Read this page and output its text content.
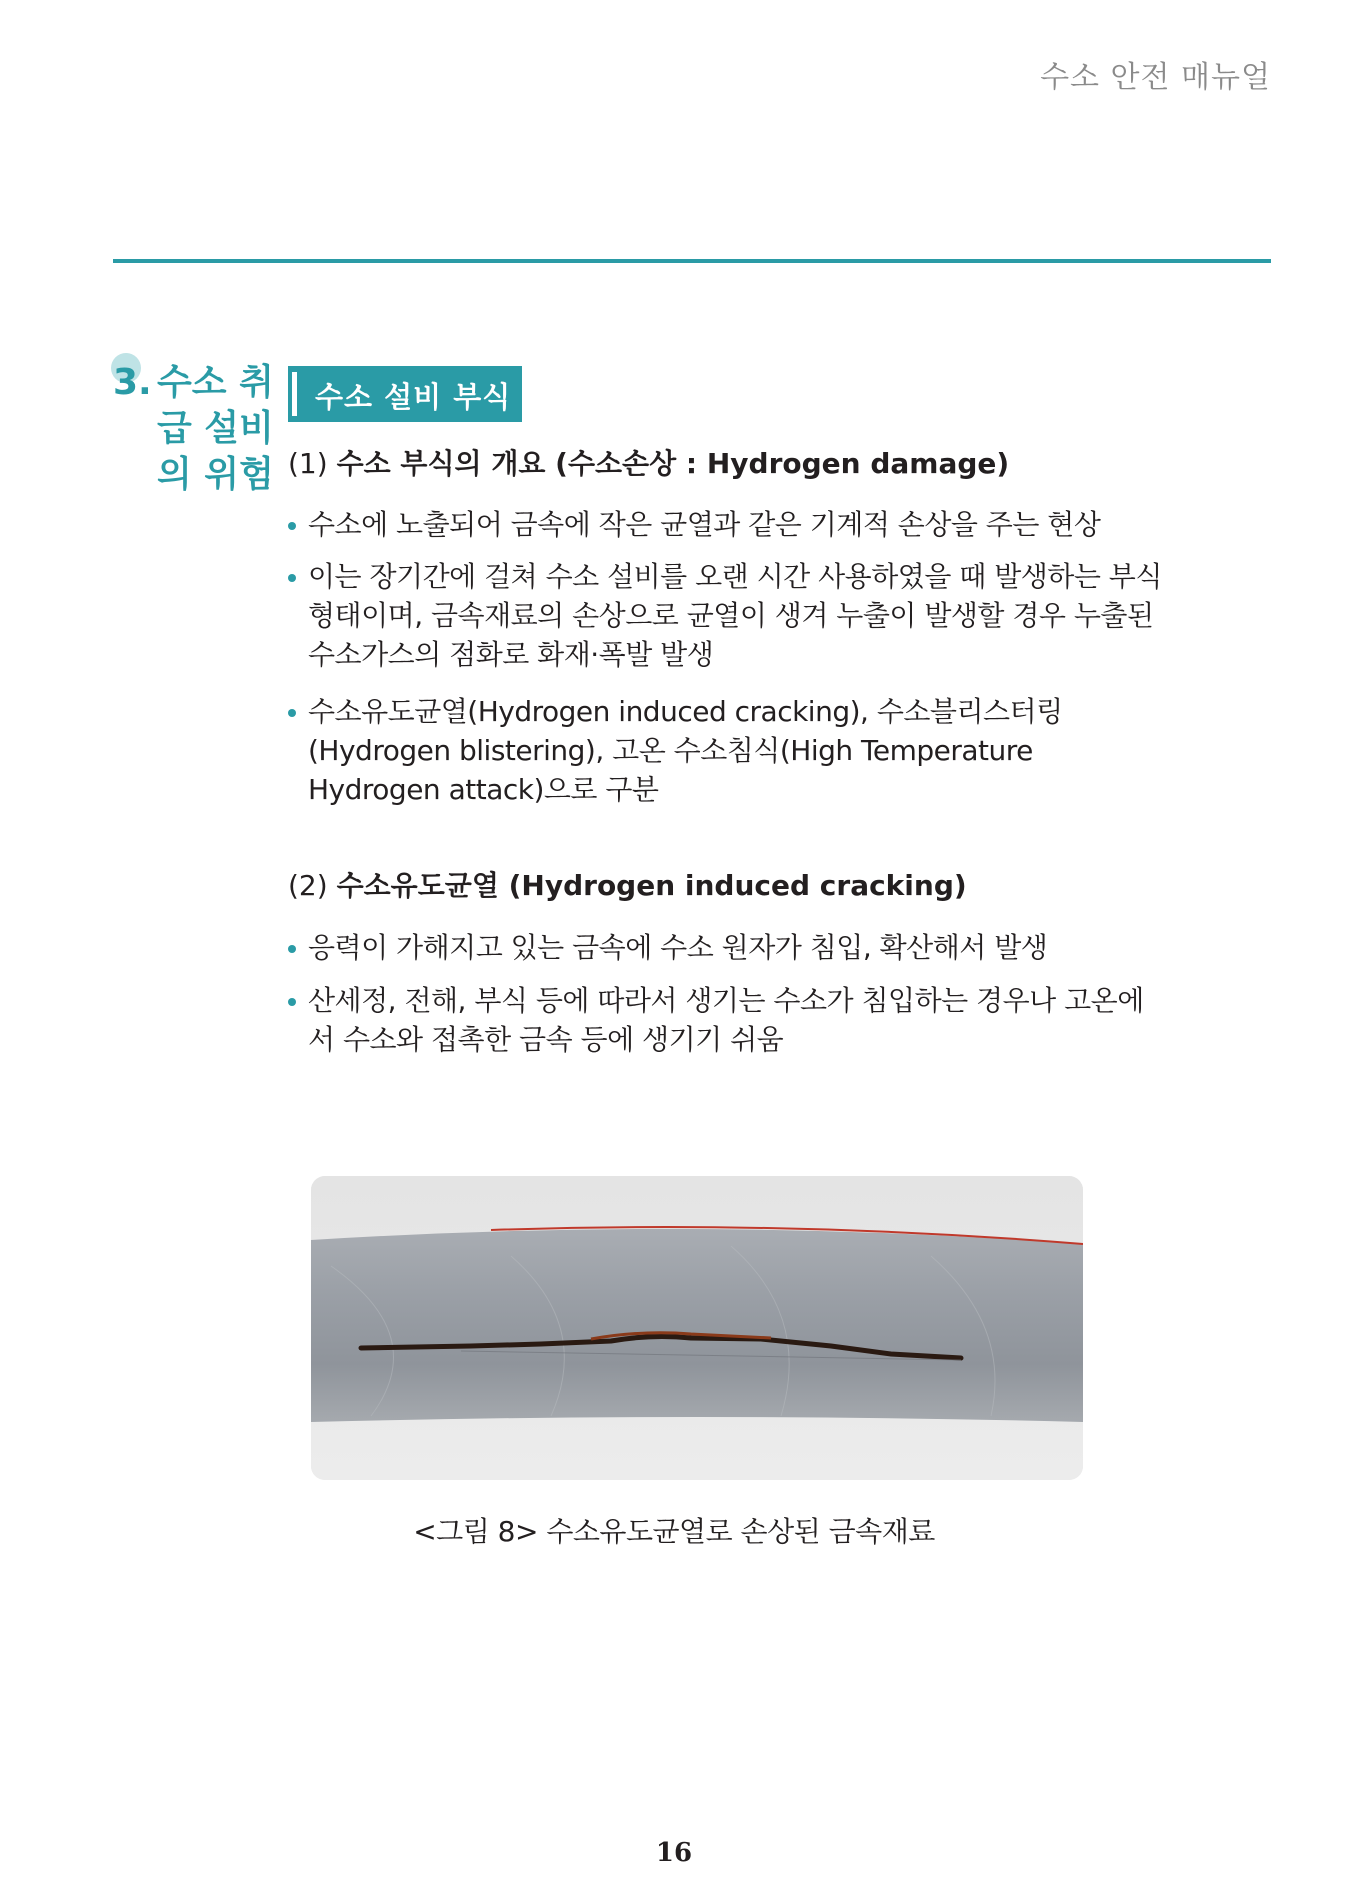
수소 안전 매뉴얼
3. 수소 취급 설비의 위험
수소 설비 부식
(1) 수소 부식의 개요 (수소손상 : Hydrogen damage)
수소에 노출되어 금속에 작은 균열과 같은 기계적 손상을 주는 현상
이는 장기간에 걸쳐 수소 설비를 오랜 시간 사용하였을 때 발생하는 부식 형태이며, 금속재료의 손상으로 균열이 생겨 누출이 발생할 경우 누출된 수소가스의 점화로 화재·폭발 발생
수소유도균열(Hydrogen induced cracking), 수소블리스터링 (Hydrogen blistering), 고온 수소침식(High Temperature Hydrogen attack)으로 구분
(2) 수소유도균열 (Hydrogen induced cracking)
응력이 가해지고 있는 금속에 수소 원자가 침입, 확산해서 발생
산세정, 전해, 부식 등에 따라서 생기는 수소가 침입하는 경우나 고온에서 수소와 접촉한 금속 등에 생기기 쉬움
<그림 8> 수소유도균열로 손상된 금속재료
16
